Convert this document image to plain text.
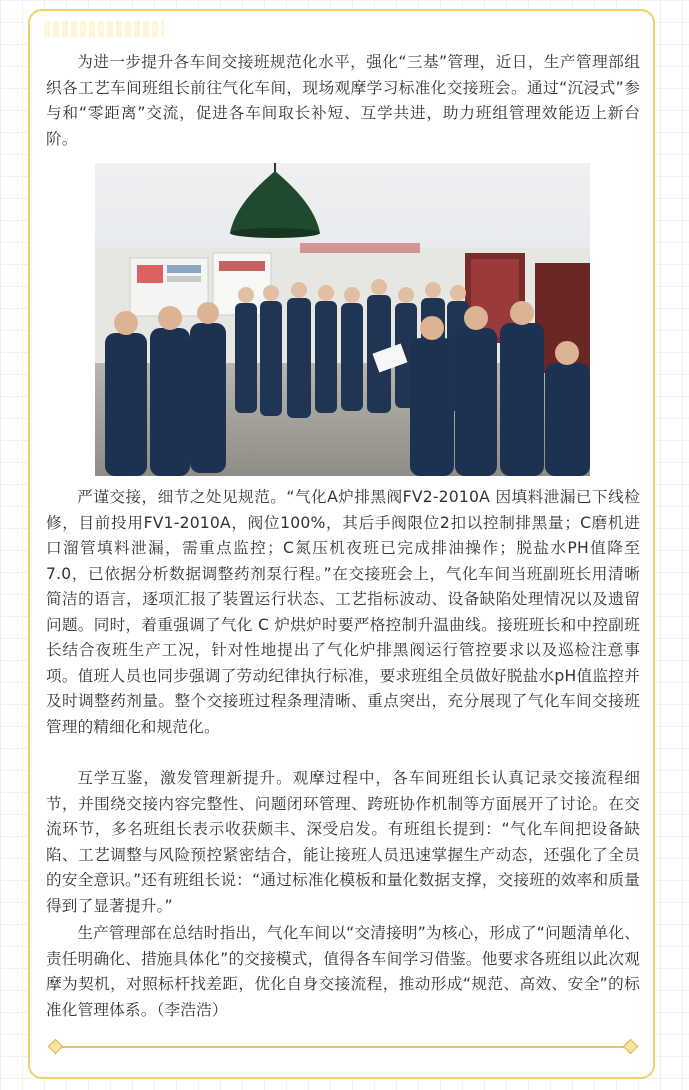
为进一步提升各车间交接班规范化水平，强化“三基”管理，近日，生产管理部组织各工艺车间班组长前往气化车间，现场观摩学习标准化交接班会。通过“沉浸式”参与和“零距离”交流，促进各车间取长补短、互学共进，助力班组管理效能迈上新台阶。

严谨交接，细节之处见规范。“气化A炉排黑阀FV2-2010A 因填料泄漏已下线检修，目前投用FV1-2010A，阀位100%，其后手阀限位2扣以控制排黑量；C磨机进口溜管填料泄漏，需重点监控；C氮压机夜班已完成排油操作；脱盐水PH值降至 7.0，已依据分析数据调整药剂泵行程。”在交接班会上，气化车间当班副班长用清晰简洁的语言，逐项汇报了装置运行状态、工艺指标波动、设备缺陷处理情况以及遗留问题。同时，着重强调了气化 C 炉烘炉时要严格控制升温曲线。接班班长和中控副班长结合夜班生产工况，针对性地提出了气化炉排黑阀运行管控要求以及巡检注意事项。值班人员也同步强调了劳动纪律执行标准，要求班组全员做好脱盐水pH值监控并及时调整药剂量。整个交接班过程条理清晰、重点突出，充分展现了气化车间交接班管理的精细化和规范化。

互学互鉴，激发管理新提升。观摩过程中，各车间班组长认真记录交接流程细节，并围绕交接内容完整性、问题闭环管理、跨班协作机制等方面展开了讨论。在交流环节，多名班组长表示收获颇丰、深受启发。有班组长提到：“气化车间把设备缺陷、工艺调整与风险预控紧密结合，能让接班人员迅速掌握生产动态，还强化了全员的安全意识。”还有班组长说：“通过标准化模板和量化数据支撑，交接班的效率和质量得到了显著提升。”

生产管理部在总结时指出，气化车间以“交清接明”为核心，形成了“问题清单化、责任明确化、措施具体化”的交接模式，值得各车间学习借鉴。他要求各班组以此次观摩为契机，对照标杆找差距，优化自身交接流程，推动形成“规范、高效、安全”的标准化管理体系。（李浩浩）
